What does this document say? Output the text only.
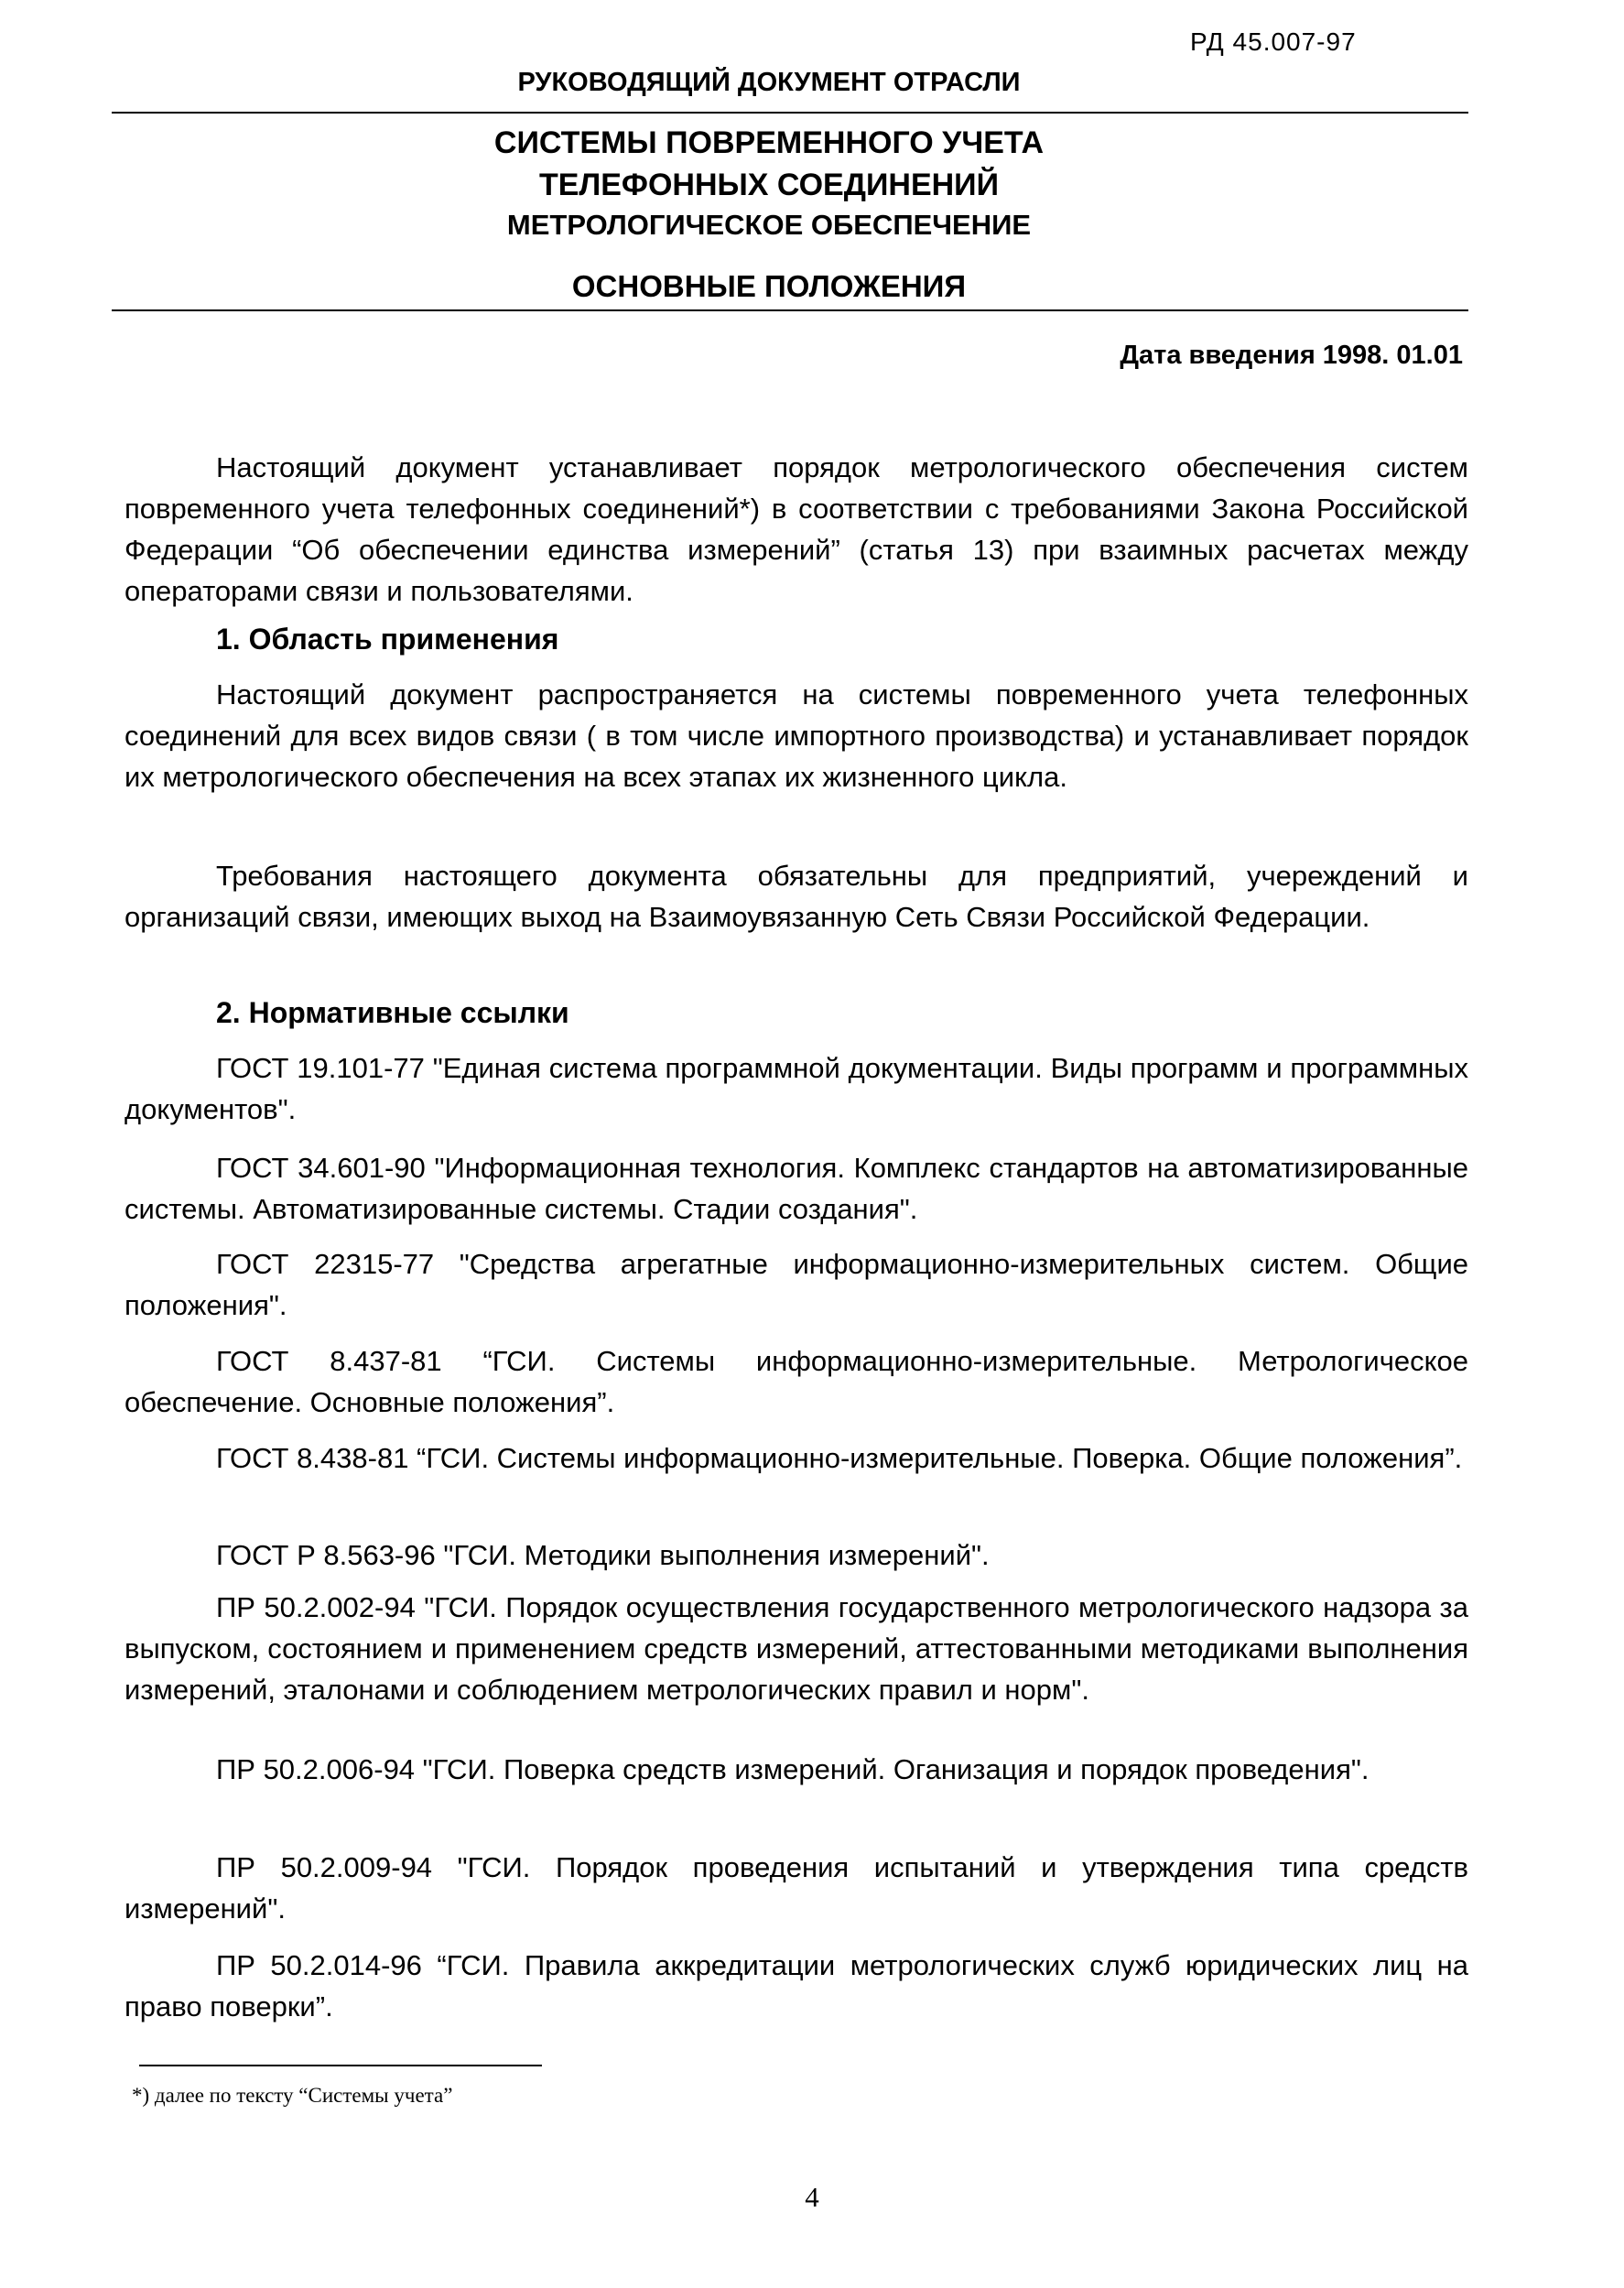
РД 45.007-97
РУКОВОДЯЩИЙ ДОКУМЕНТ ОТРАСЛИ
СИСТЕМЫ ПОВРЕМЕННОГО УЧЕТА
ТЕЛЕФОННЫХ СОЕДИНЕНИЙ
МЕТРОЛОГИЧЕСКОЕ ОБЕСПЕЧЕНИЕ
ОСНОВНЫЕ ПОЛОЖЕНИЯ
Дата введения 1998. 01.01
Настоящий документ устанавливает порядок метрологического обеспечения систем повременного учета телефонных соединений*) в соответствии с требованиями Закона Российской Федерации “Об обеспечении единства измерений” (статья 13) при взаимных расчетах между операторами связи и пользователями.
1. Область применения
Настоящий документ распространяется на системы повременного учета телефонных соединений для всех видов связи ( в том числе импортного производства) и устанавливает порядок их метрологического обеспечения на всех этапах их жизненного цикла.
Требования настоящего документа обязательны для предприятий, учереждений и организаций связи, имеющих выход на Взаимоувязанную Сеть Связи Российской Федерации.
2. Нормативные ссылки
ГОСТ 19.101-77 "Единая система программной документации. Виды программ и программных документов".
ГОСТ 34.601-90 "Информационная технология. Комплекс стандартов на автоматизированные системы. Автоматизированные системы. Стадии создания".
ГОСТ 22315-77 "Средства агрегатные информационно-измерительных систем. Общие положения".
ГОСТ 8.437-81 “ГСИ. Системы информационно-измерительные. Метрологическое обеспечение. Основные положения”.
ГОСТ 8.438-81 “ГСИ. Системы информационно-измерительные. Поверка. Общие положения”.
ГОСТ Р 8.563-96 "ГСИ. Методики выполнения измерений".
ПР 50.2.002-94 "ГСИ. Порядок осуществления государственного метрологического надзора за выпуском, состоянием и применением средств измерений, аттестованными методиками выполнения измерений, эталонами и соблюдением метрологических правил и норм".
ПР 50.2.006-94 "ГСИ. Поверка средств измерений. Оганизация и порядок проведения".
ПР 50.2.009-94 "ГСИ. Порядок проведения испытаний и утверждения типа средств измерений".
ПР 50.2.014-96 “ГСИ. Правила аккредитации метрологических служб юридических лиц на право поверки”.
*) далее по тексту “Системы учета”
4
